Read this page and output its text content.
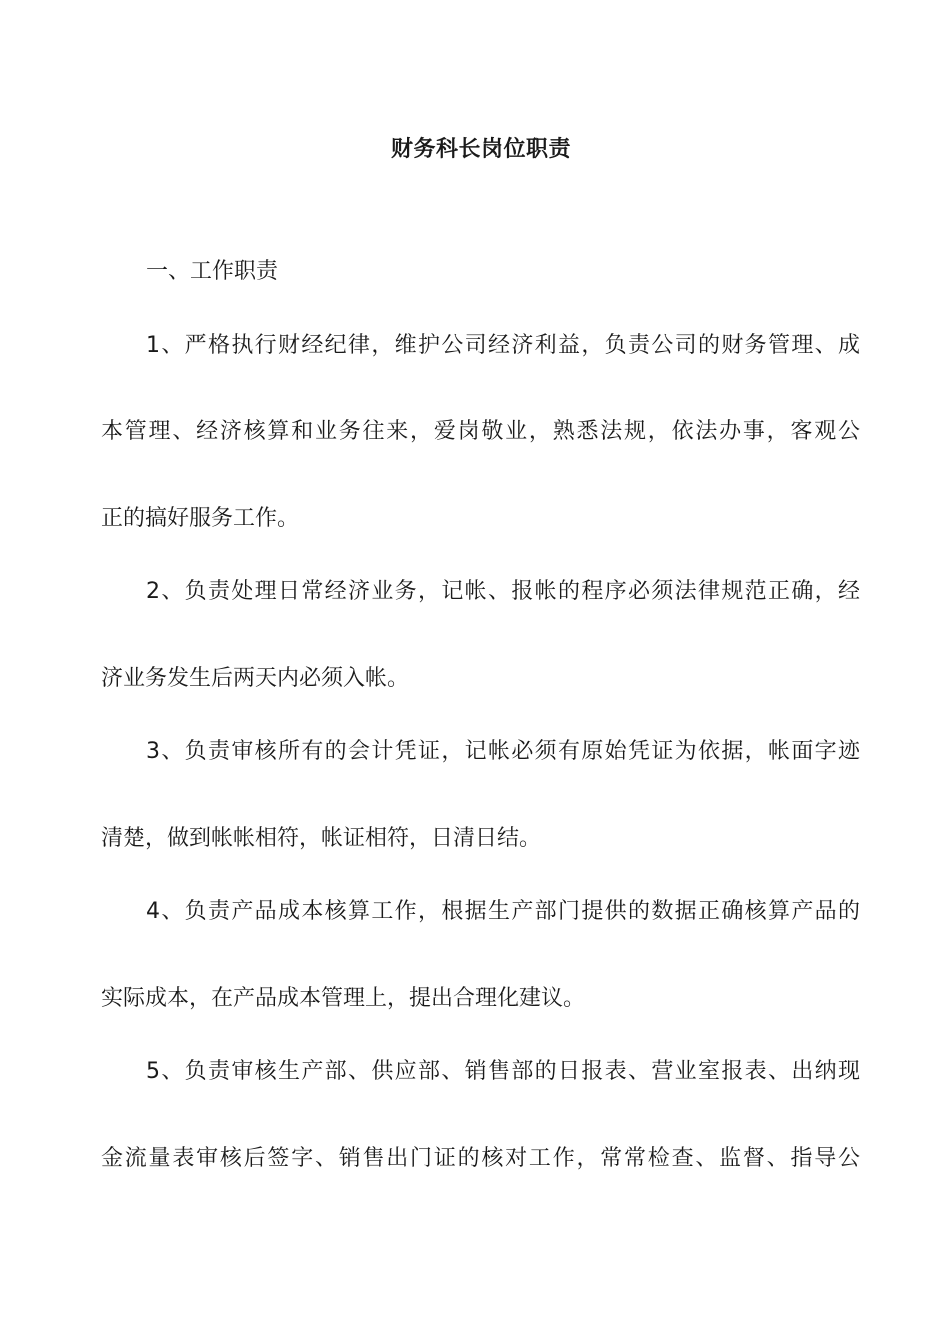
财务科长岗位职责
一、工作职责
1、严格执行财经纪律，维护公司经济利益，负责公司的财务管理、成
本管理、经济核算和业务往来，爱岗敬业，熟悉法规，依法办事，客观公
正的搞好服务工作。
2、负责处理日常经济业务，记帐、报帐的程序必须法律规范正确，经
济业务发生后两天内必须入帐。
3、负责审核所有的会计凭证，记帐必须有原始凭证为依据，帐面字迹
清楚，做到帐帐相符，帐证相符，日清日结。
4、负责产品成本核算工作，根据生产部门提供的数据正确核算产品的
实际成本，在产品成本管理上，提出合理化建议。
5、负责审核生产部、供应部、销售部的日报表、营业室报表、出纳现
金流量表审核后签字、销售出门证的核对工作，常常检查、监督、指导公
